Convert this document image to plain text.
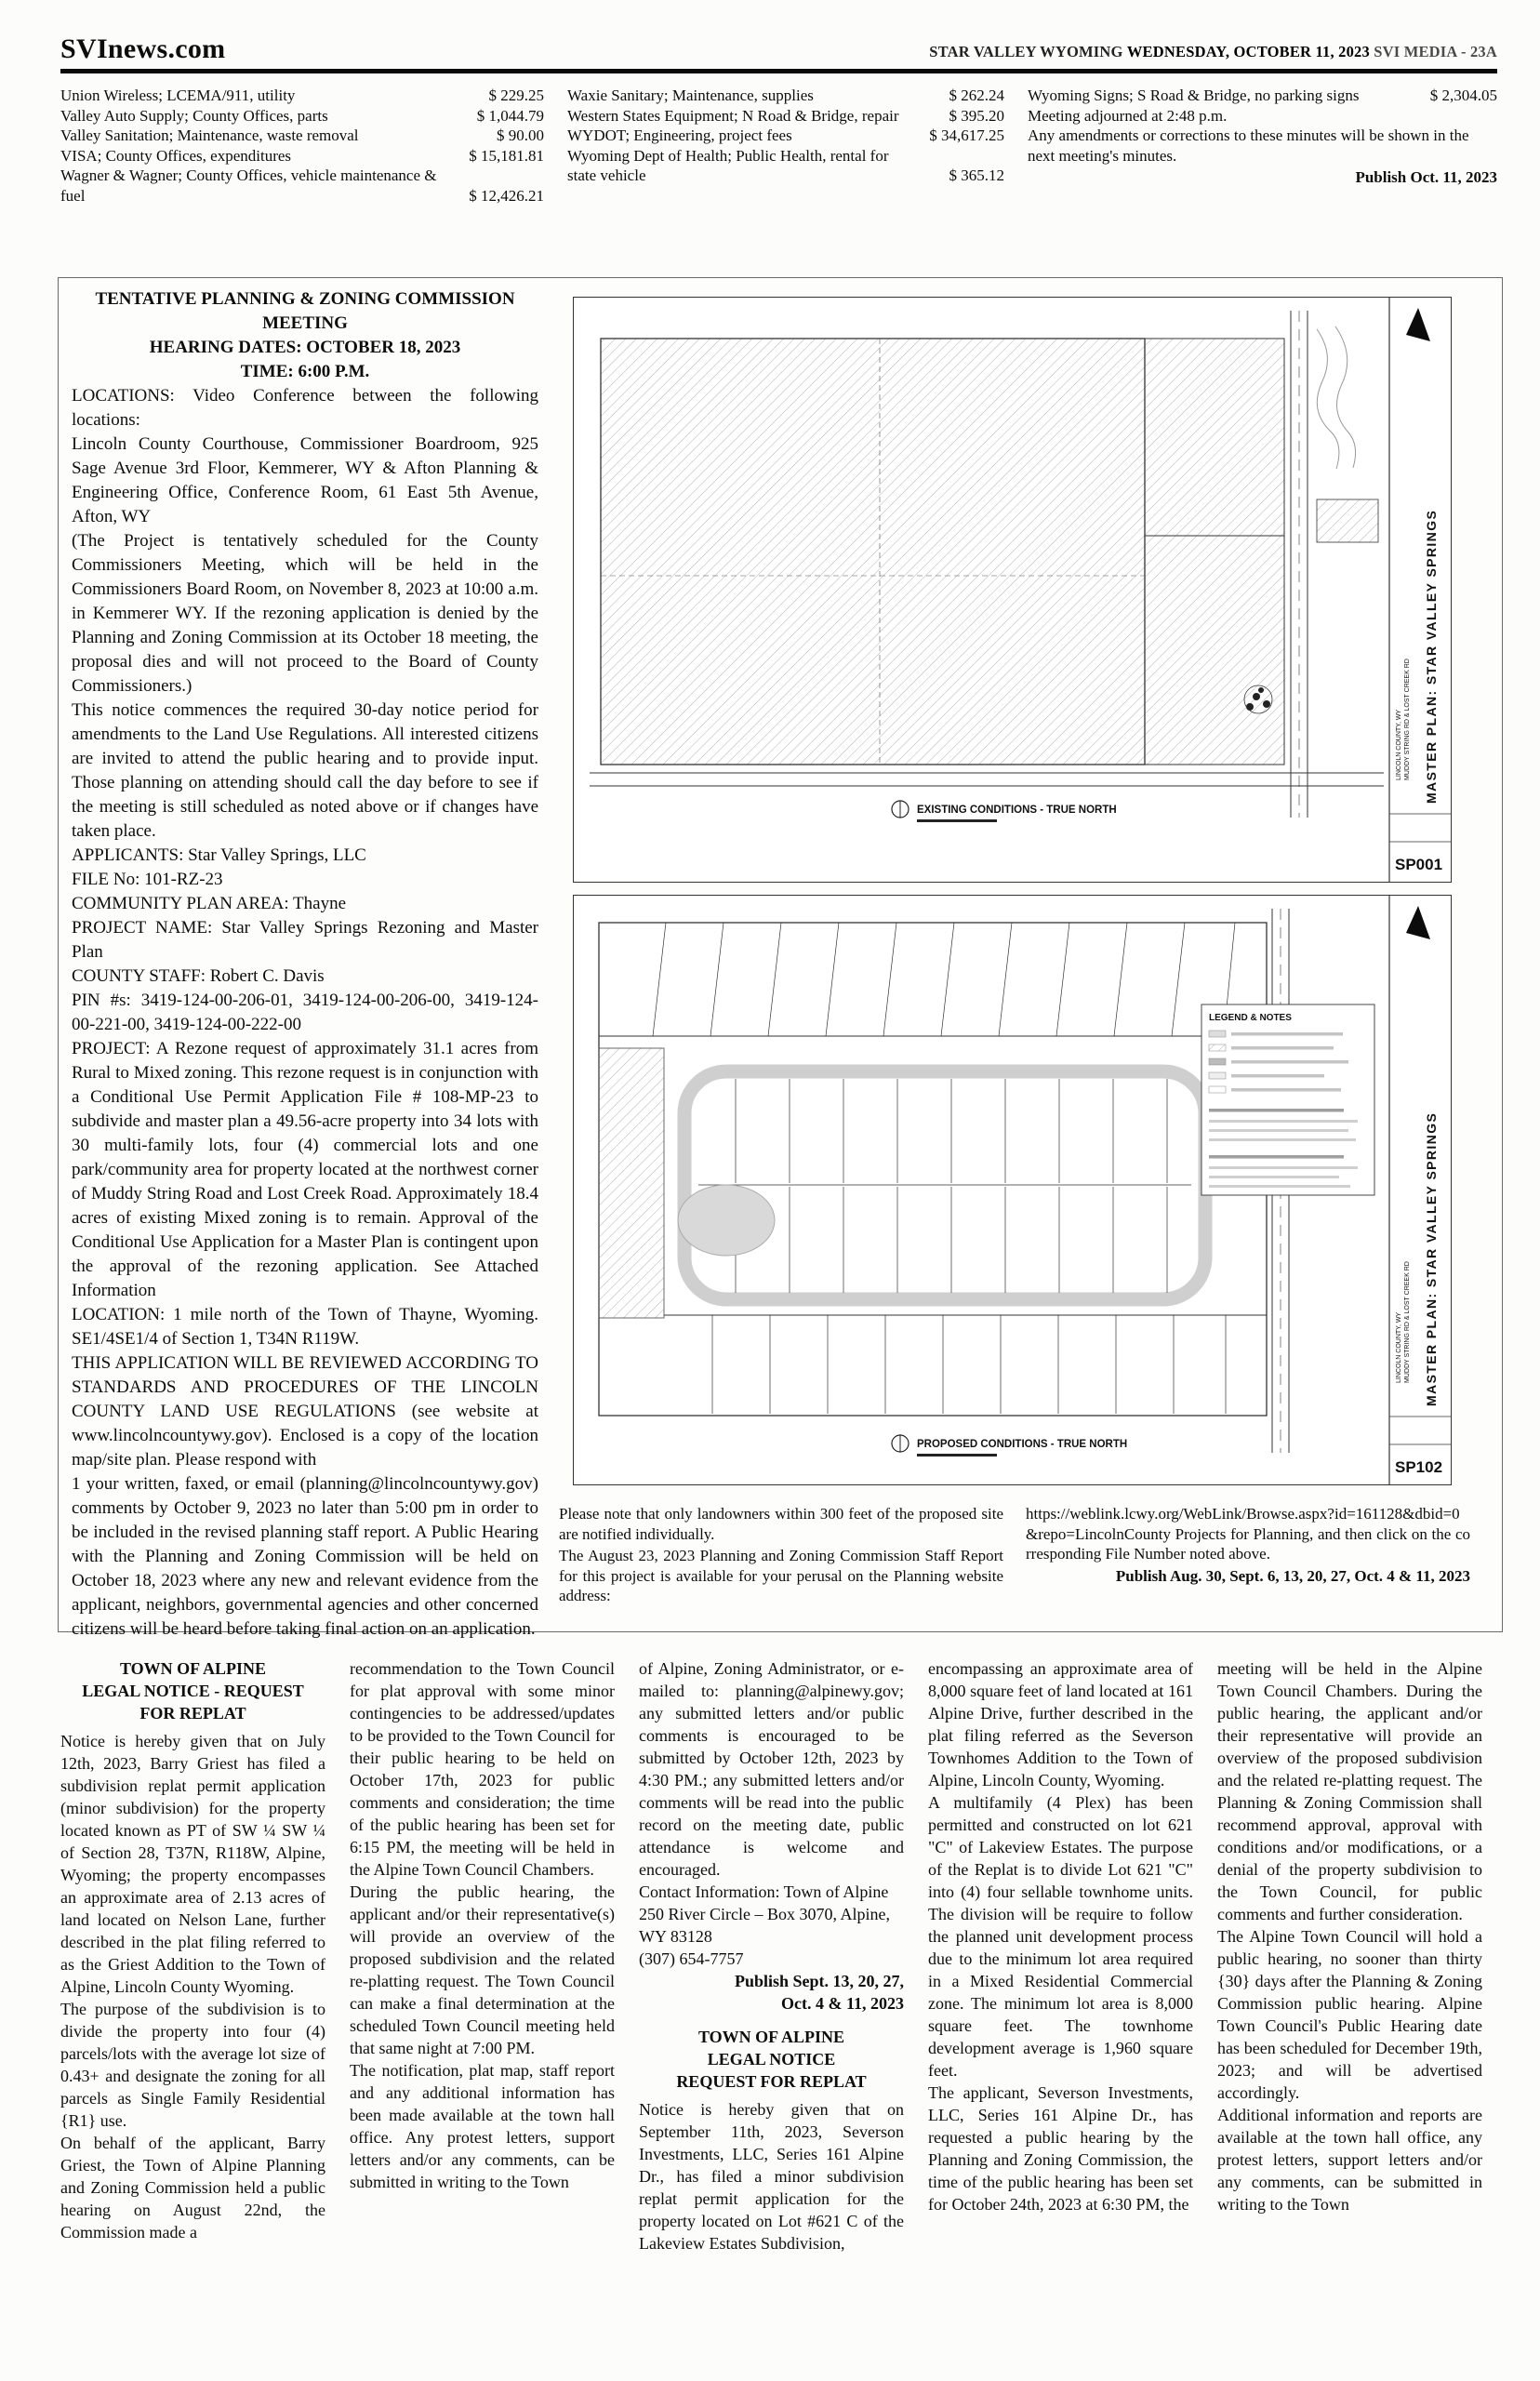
SVInews.com	STAR VALLEY WYOMING WEDNESDAY, OCTOBER 11, 2023 SVI MEDIA - 23A
Union Wireless; LCEMA/911, utility	$ 229.25
Valley Auto Supply; County Offices, parts	$ 1,044.79
Valley Sanitation; Maintenance, waste removal	$ 90.00
VISA; County Offices, expenditures	$ 15,181.81
Wagner & Wagner; County Offices, vehicle maintenance & fuel	$ 12,426.21
Waxie Sanitary; Maintenance, supplies	$ 262.24
Western States Equipment; N Road & Bridge, repair	$ 395.20
WYDOT; Engineering, project fees	$ 34,617.25
Wyoming Dept of Health; Public Health, rental for state vehicle	$ 365.12
Wyoming Signs; S Road & Bridge, no parking signs	$ 2,304.05

Meeting adjourned at 2:48 p.m.

Any amendments or corrections to these minutes will be shown in the next meeting's minutes.

Publish Oct. 11, 2023

TENTATIVE PLANNING & ZONING COMMISSION MEETING

HEARING DATES: OCTOBER 18, 2023

TIME: 6:00 P.M.

LOCATIONS: Video Conference between the following locations:

Lincoln County Courthouse, Commissioner Boardroom, 925 Sage Avenue 3rd Floor, Kemmerer, WY & Afton Planning & Engineering Office, Conference Room, 61 East 5th Avenue, Afton, WY

(The Project is tentatively scheduled for the County Commissioners Meeting, which will be held in the Commissioners Board Room, on November 8, 2023 at 10:00 a.m. in Kemmerer WY. If the rezoning application is denied by the Planning and Zoning Commission at its October 18 meeting, the proposal dies and will not proceed to the Board of County Commissioners.)

This notice commences the required 30-day notice period for amendments to the Land Use Regulations. All interested citizens are invited to attend the public hearing and to provide input. Those planning on attending should call the day before to see if the meeting is still scheduled as noted above or if changes have taken place.

APPLICANTS: Star Valley Springs, LLC

FILE No: 101-RZ-23

COMMUNITY PLAN AREA: Thayne

PROJECT NAME: Star Valley Springs Rezoning and Master Plan

COUNTY STAFF: Robert C. Davis

PIN #s: 3419-124-00-206-01, 3419-124-00-206-00, 3419-124-00-221-00, 3419-124-00-222-00

PROJECT: A Rezone request of approximately 31.1 acres from Rural to Mixed zoning. This rezone request is in conjunction with a Conditional Use Permit Application File # 108-MP-23 to subdivide and master plan a 49.56-acre property into 34 lots with 30 multi-family lots, four (4) commercial lots and one park/community area for property located at the northwest corner of Muddy String Road and Lost Creek Road. Approximately 18.4 acres of existing Mixed zoning is to remain. Approval of the Conditional Use Application for a Master Plan is contingent upon the approval of the rezoning application. See Attached Information

LOCATION: 1 mile north of the Town of Thayne, Wyoming. SE1/4SE1/4 of Section 1, T34N R119W.

THIS APPLICATION WILL BE REVIEWED ACCORDING TO STANDARDS AND PROCEDURES OF THE LINCOLN COUNTY LAND USE REGULATIONS (see website at www.lincolncountywy.gov). Enclosed is a copy of the location map/site plan. Please respond with

1 your written, faxed, or email (planning@lincolncountywy.gov) comments by October 9, 2023 no later than 5:00 pm in order to be included in the revised planning staff report. A Public Hearing with the Planning and Zoning Commission will be held on October 18, 2023 where any new and relevant evidence from the applicant, neighbors, governmental agencies and other concerned citizens will be heard before taking final action on an application.

EXISTING CONDITIONS - TRUE NORTH
LINCOLN COUNTY, WY MUDDY STRING RD & LOST CREEK RD MASTER PLAN: STAR VALLEY SPRINGS
SP001
LEGEND & NOTES
PROPOSED CONDITIONS - TRUE NORTH
LINCOLN COUNTY, WY MUDDY STRING RD & LOST CREEK RD MASTER PLAN: STAR VALLEY SPRINGS
SP102

Please note that only landowners within 300 feet of the proposed site are notified individually.

The August 23, 2023 Planning and Zoning Commission Staff Report for this project is available for your perusal on the Planning website address:

https://weblink.lcwy.org/WebLink/Browse.aspx?id=161128&dbid=0&repo=LincolnCounty Projects for Planning, and then click on the corresponding File Number noted above.

Publish Aug. 30, Sept. 6, 13, 20, 27, Oct. 4 & 11, 2023

TOWN OF ALPINE
LEGAL NOTICE - REQUEST
FOR REPLAT

Notice is hereby given that on July 12th, 2023, Barry Griest has filed a subdivision replat permit application (minor subdivision) for the property located known as PT of SW ¼ SW ¼ of Section 28, T37N, R118W, Alpine, Wyoming; the property encompasses an approximate area of 2.13 acres of land located on Nelson Lane, further described in the plat filing referred to as the Griest Addition to the Town of Alpine, Lincoln County Wyoming.

The purpose of the subdivision is to divide the property into four (4) parcels/lots with the average lot size of 0.43+ and designate the zoning for all parcels as Single Family Residential {R1} use.

On behalf of the applicant, Barry Griest, the Town of Alpine Planning and Zoning Commission held a public hearing on August 22nd, the Commission made a

recommendation to the Town Council for plat approval with some minor contingencies to be addressed/updates to be provided to the Town Council for their public hearing to be held on October 17th, 2023 for public comments and consideration; the time of the public hearing has been set for 6:15 PM, the meeting will be held in the Alpine Town Council Chambers.

During the public hearing, the applicant and/or their representative(s) will provide an overview of the proposed subdivision and the related re-platting request. The Town Council can make a final determination at the scheduled Town Council meeting held that same night at 7:00 PM.

The notification, plat map, staff report and any additional information has been made available at the town hall office. Any protest letters, support letters and/or any comments, can be submitted in writing to the Town

of Alpine, Zoning Administrator, or e-mailed to: planning@alpinewy.gov; any submitted letters and/or public comments is encouraged to be submitted by October 12th, 2023 by 4:30 PM.; any submitted letters and/or comments will be read into the public record on the meeting date, public attendance is welcome and encouraged.

Contact Information: Town of Alpine

250 River Circle – Box 3070, Alpine, WY 83128

(307) 654-7757

Publish Sept. 13, 20, 27,
Oct. 4 & 11, 2023

TOWN OF ALPINE
LEGAL NOTICE
REQUEST FOR REPLAT

Notice is hereby given that on September 11th, 2023, Severson Investments, LLC, Series 161 Alpine Dr., has filed a minor subdivision replat permit application for the property located on Lot #621 C of the Lakeview Estates Subdivision,

encompassing an approximate area of 8,000 square feet of land located at 161 Alpine Drive, further described in the plat filing referred as the Severson Townhomes Addition to the Town of Alpine, Lincoln County, Wyoming.

A multifamily (4 Plex) has been permitted and constructed on lot 621 "C" of Lakeview Estates. The purpose of the Replat is to divide Lot 621 "C" into (4) four sellable townhome units. The division will be require to follow the planned unit development process due to the minimum lot area required in a Mixed Residential Commercial zone. The minimum lot area is 8,000 square feet. The townhome development average is 1,960 square feet.

The applicant, Severson Investments, LLC, Series 161 Alpine Dr., has requested a public hearing by the Planning and Zoning Commission, the time of the public hearing has been set for October 24th, 2023 at 6:30 PM, the

meeting will be held in the Alpine Town Council Chambers. During the public hearing, the applicant and/or their representative will provide an overview of the proposed subdivision and the related re-platting request. The Planning & Zoning Commission shall recommend approval, approval with conditions and/or modifications, or a denial of the property subdivision to the Town Council, for public comments and further consideration.

The Alpine Town Council will hold a public hearing, no sooner than thirty {30} days after the Planning & Zoning Commission public hearing. Alpine Town Council's Public Hearing date has been scheduled for December 19th, 2023; and will be advertised accordingly.

Additional information and reports are available at the town hall office, any protest letters, support letters and/or any comments, can be submitted in writing to the Town
